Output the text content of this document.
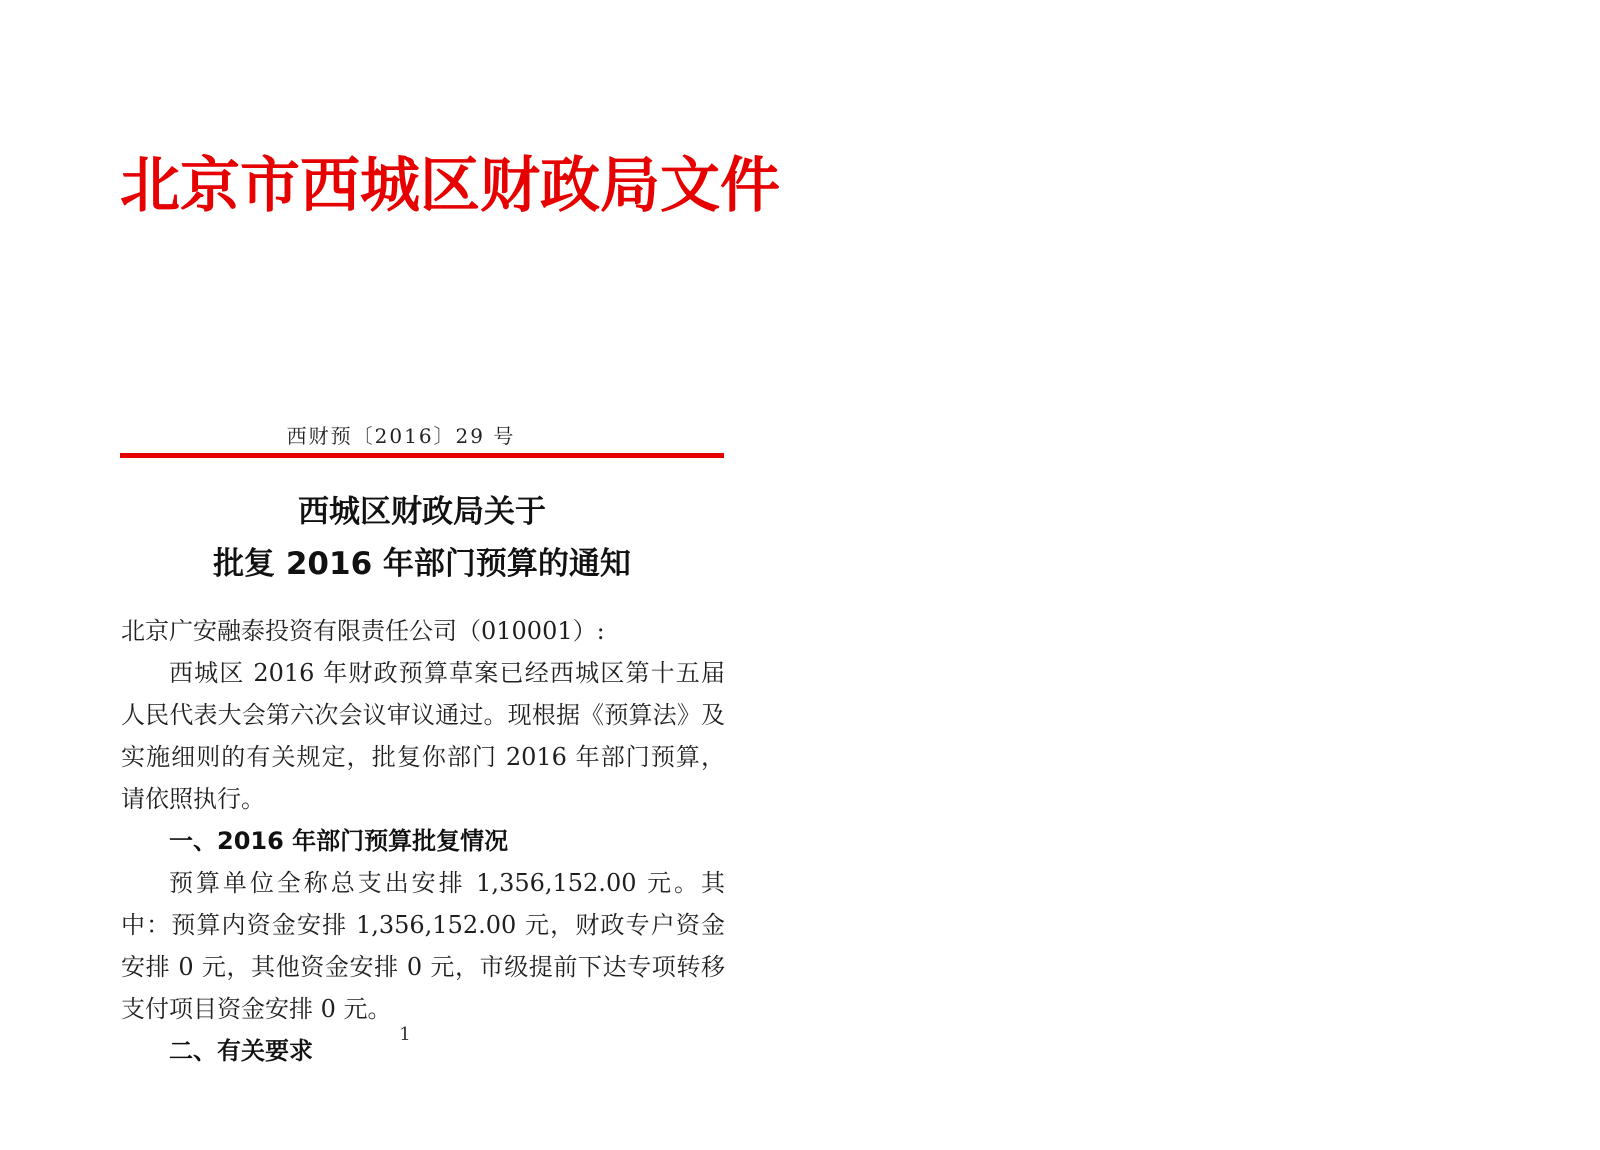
北京市西城区财政局文件
西财预〔2016〕29 号
西城区财政局关于
批复 2016 年部门预算的通知

北京广安融泰投资有限责任公司（010001）:

西城区 2016 年财政预算草案已经西城区第十五届人民代表大会第六次会议审议通过。现根据《预算法》及实施细则的有关规定，批复你部门 2016 年部门预算，请依照执行。

一、2016 年部门预算批复情况

预算单位全称总支出安排 1,356,152.00 元。其中：预算内资金安排 1,356,152.00 元，财政专户资金安排 0 元，其他资金安排 0 元，市级提前下达专项转移支付项目资金安排 0 元。

二、有关要求

1
